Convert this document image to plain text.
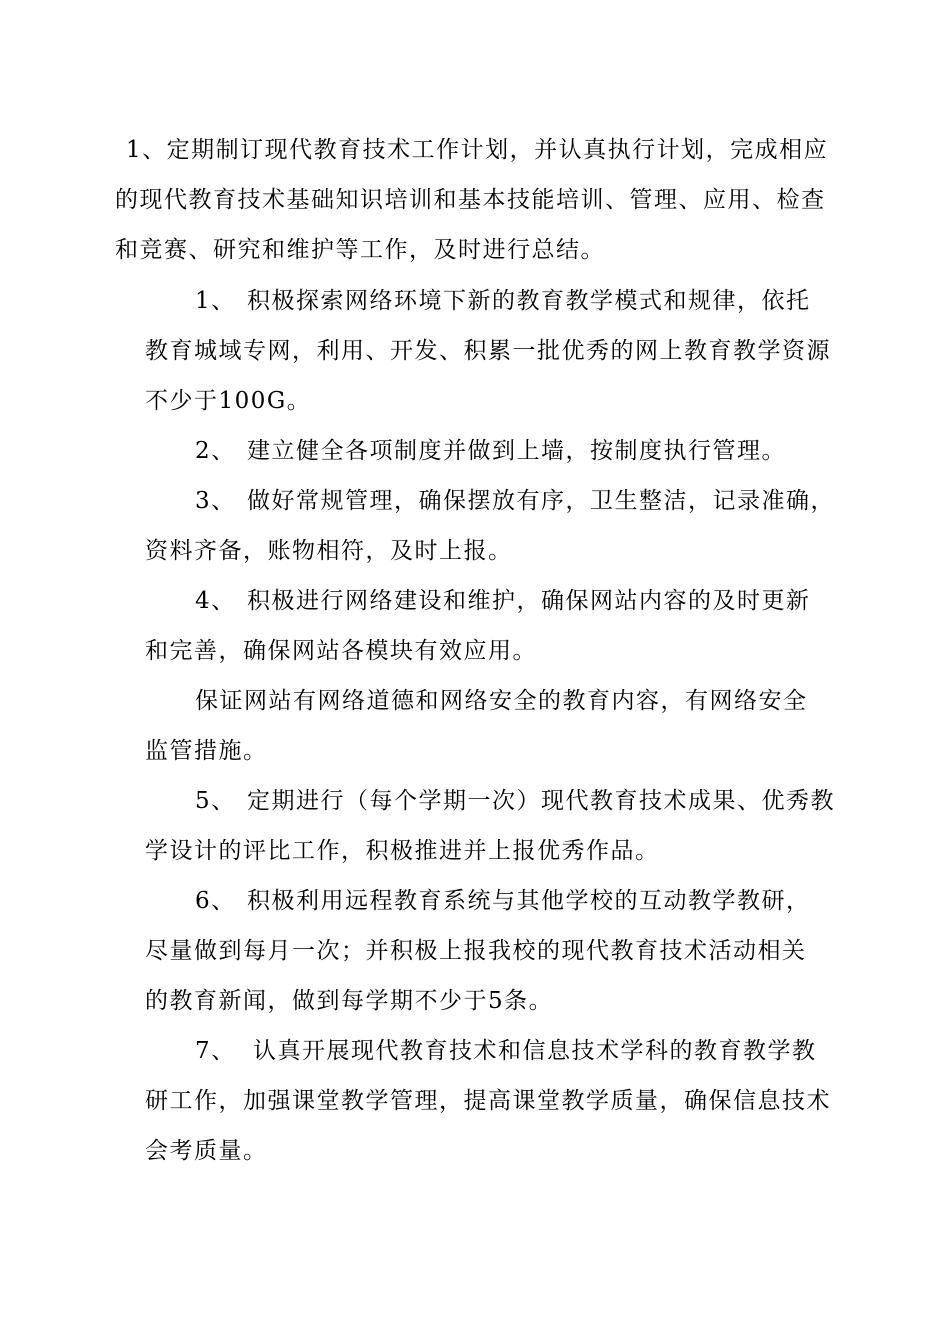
1、定期制订现代教育技术工作计划，并认真执行计划，完成相应
的现代教育技术基础知识培训和基本技能培训、管理、应用、检查
和竞赛、研究和维护等工作，及时进行总结。
1、 积极探索网络环境下新的教育教学模式和规律，依托
教育城域专网，利用、开发、积累一批优秀的网上教育教学资源
不少于100G。
2、 建立健全各项制度并做到上墙，按制度执行管理。
3、 做好常规管理，确保摆放有序，卫生整洁，记录准确，
资料齐备，账物相符，及时上报。
4、 积极进行网络建设和维护，确保网站内容的及时更新
和完善，确保网站各模块有效应用。
保证网站有网络道德和网络安全的教育内容，有网络安全
监管措施。
5、 定期进行（每个学期一次）现代教育技术成果、优秀教
学设计的评比工作，积极推进并上报优秀作品。
6、 积极利用远程教育系统与其他学校的互动教学教研，
尽量做到每月一次；并积极上报我校的现代教育技术活动相关
的教育新闻，做到每学期不少于5条。
7、 认真开展现代教育技术和信息技术学科的教育教学教
研工作，加强课堂教学管理，提高课堂教学质量，确保信息技术
会考质量。
